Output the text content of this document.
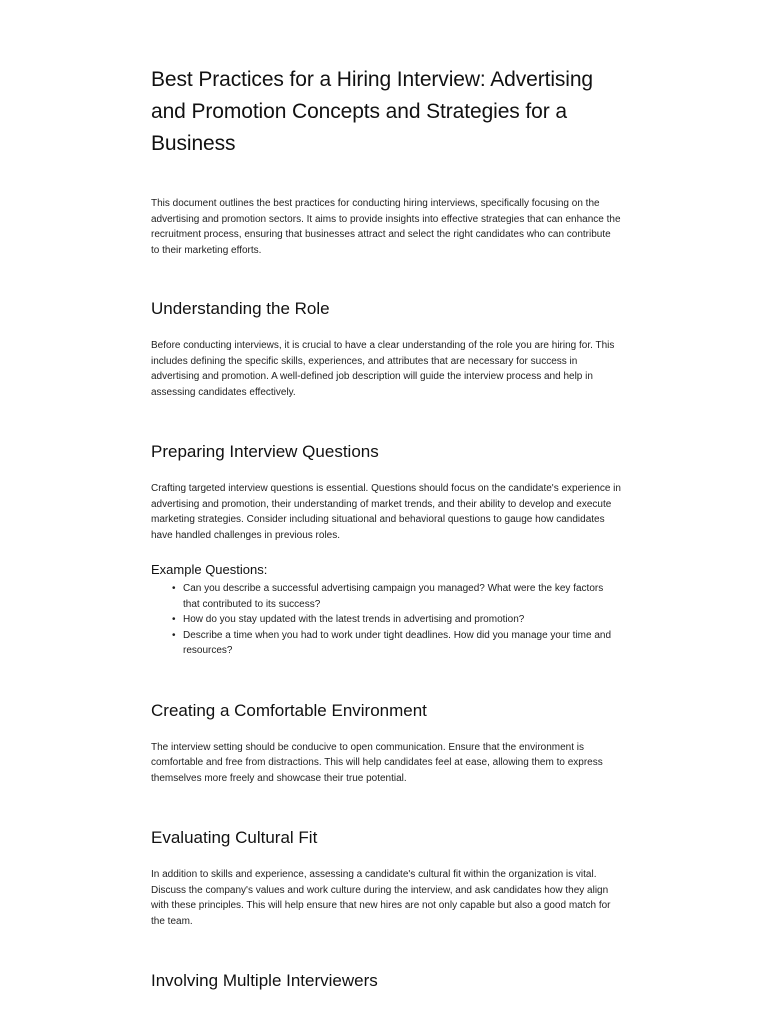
Best Practices for a Hiring Interview: Advertising and Promotion Concepts and Strategies for a Business

This document outlines the best practices for conducting hiring interviews, specifically focusing on the advertising and promotion sectors. It aims to provide insights into effective strategies that can enhance the recruitment process, ensuring that businesses attract and select the right candidates who can contribute to their marketing efforts.

Understanding the Role

Before conducting interviews, it is crucial to have a clear understanding of the role you are hiring for. This includes defining the specific skills, experiences, and attributes that are necessary for success in advertising and promotion. A well-defined job description will guide the interview process and help in assessing candidates effectively.

Preparing Interview Questions

Crafting targeted interview questions is essential. Questions should focus on the candidate's experience in advertising and promotion, their understanding of market trends, and their ability to develop and execute marketing strategies. Consider including situational and behavioral questions to gauge how candidates have handled challenges in previous roles.

Example Questions:
• Can you describe a successful advertising campaign you managed? What were the key factors that contributed to its success?
• How do you stay updated with the latest trends in advertising and promotion?
• Describe a time when you had to work under tight deadlines. How did you manage your time and resources?
Creating a Comfortable Environment

The interview setting should be conducive to open communication. Ensure that the environment is comfortable and free from distractions. This will help candidates feel at ease, allowing them to express themselves more freely and showcase their true potential.

Evaluating Cultural Fit

In addition to skills and experience, assessing a candidate's cultural fit within the organization is vital. Discuss the company's values and work culture during the interview, and ask candidates how they align with these principles. This will help ensure that new hires are not only capable but also a good match for the team.

Involving Multiple Interviewers
